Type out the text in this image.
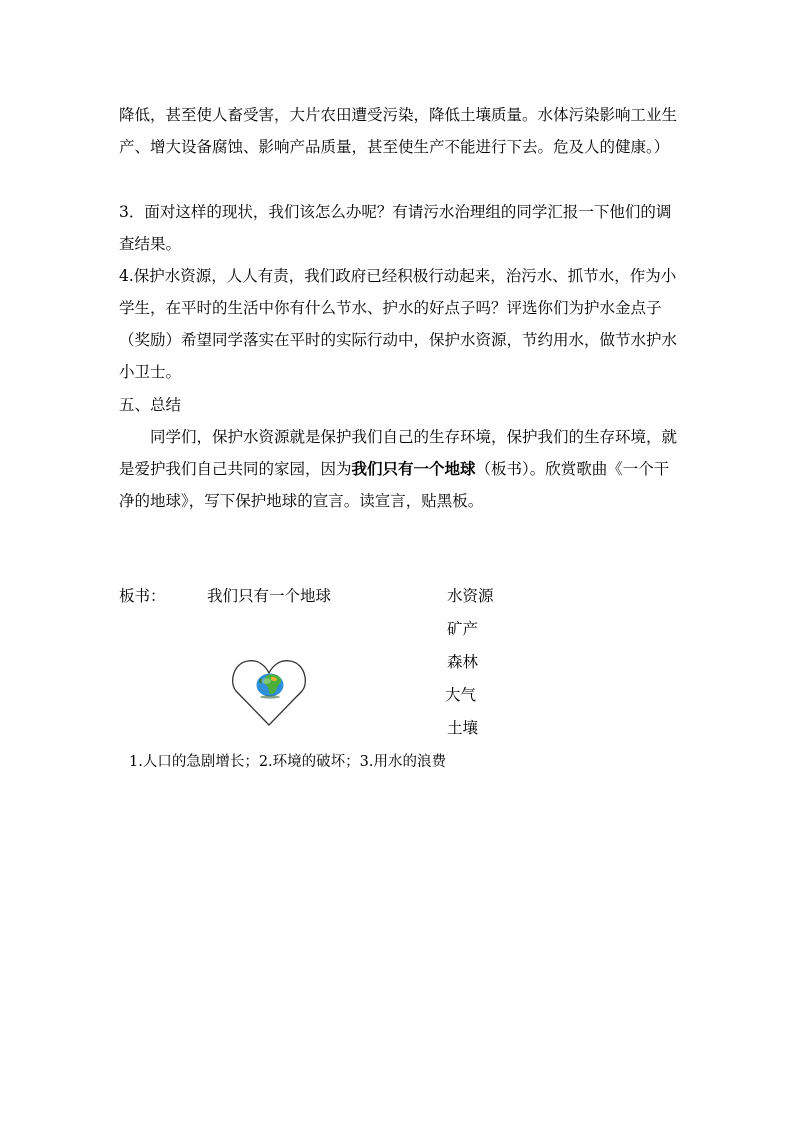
降低，甚至使人畜受害，大片农田遭受污染，降低土壤质量。水体污染影响工业生产、增大设备腐蚀、影响产品质量，甚至使生产不能进行下去。危及人的健康。）

3．面对这样的现状，我们该怎么办呢？有请污水治理组的同学汇报一下他们的调查结果。

4.保护水资源，人人有责，我们政府已经积极行动起来，治污水、抓节水，作为小学生，在平时的生活中你有什么节水、护水的好点子吗？评选你们为护水金点子（奖励）希望同学落实在平时的实际行动中，保护水资源，节约用水，做节水护水小卫士。

五、总结

同学们，保护水资源就是保护我们自己的生存环境，保护我们的生存环境，就是爱护我们自己共同的家园，因为我们只有一个地球（板书）。欣赏歌曲《一个干净的地球》，写下保护地球的宣言。读宣言，贴黑板。

板书：	我们只有一个地球	水资源
矿产
森林
大气
土壤
1.人口的急剧增长；2.环境的破坏；3.用水的浪费
